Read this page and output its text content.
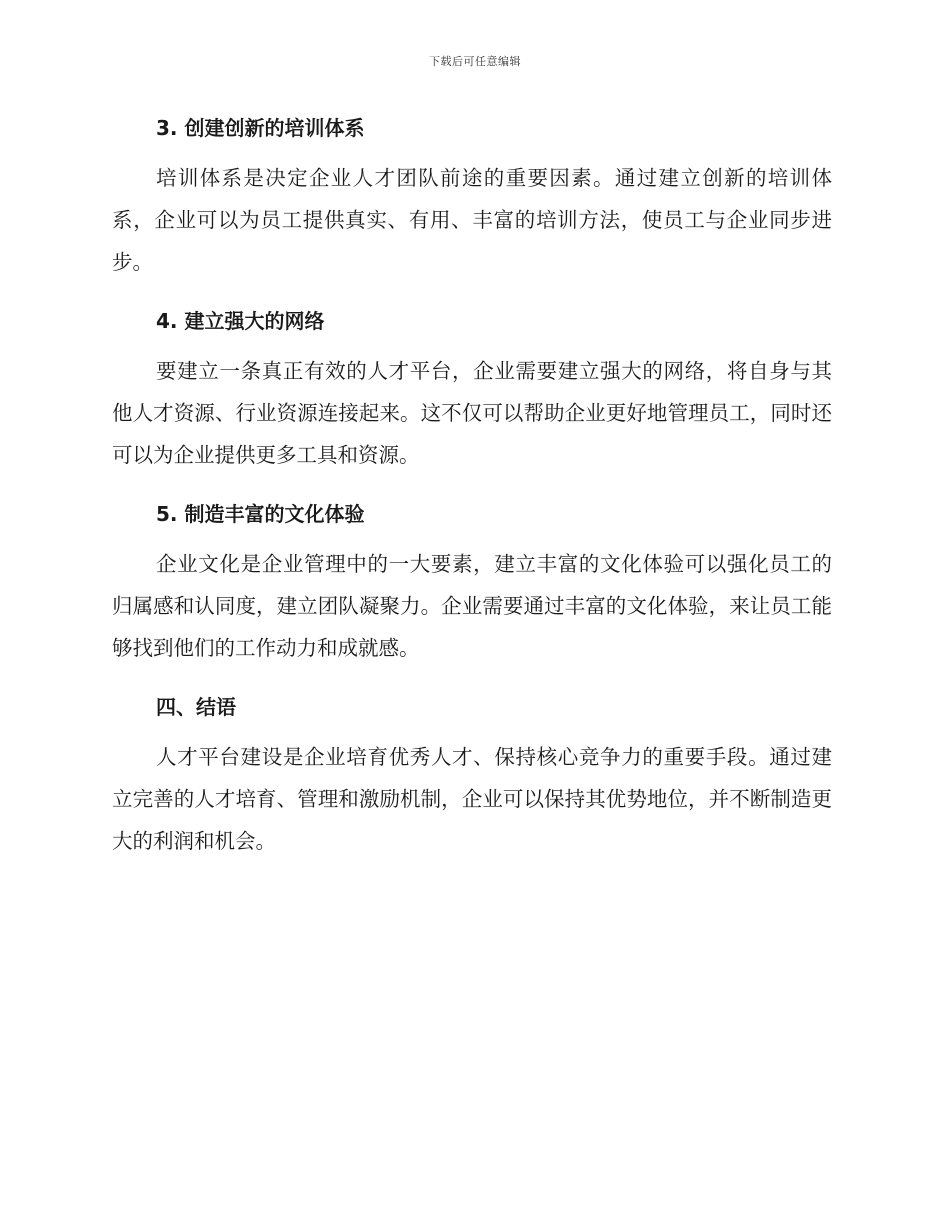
下载后可任意编辑
3. 创建创新的培训体系

培训体系是决定企业人才团队前途的重要因素。通过建立创新的培训体系，企业可以为员工提供真实、有用、丰富的培训方法，使员工与企业同步进步。

4. 建立强大的网络

要建立一条真正有效的人才平台，企业需要建立强大的网络，将自身与其他人才资源、行业资源连接起来。这不仅可以帮助企业更好地管理员工，同时还可以为企业提供更多工具和资源。

5. 制造丰富的文化体验

企业文化是企业管理中的一大要素，建立丰富的文化体验可以强化员工的归属感和认同度，建立团队凝聚力。企业需要通过丰富的文化体验，来让员工能够找到他们的工作动力和成就感。

四、结语

人才平台建设是企业培育优秀人才、保持核心竞争力的重要手段。通过建立完善的人才培育、管理和激励机制，企业可以保持其优势地位，并不断制造更大的利润和机会。
